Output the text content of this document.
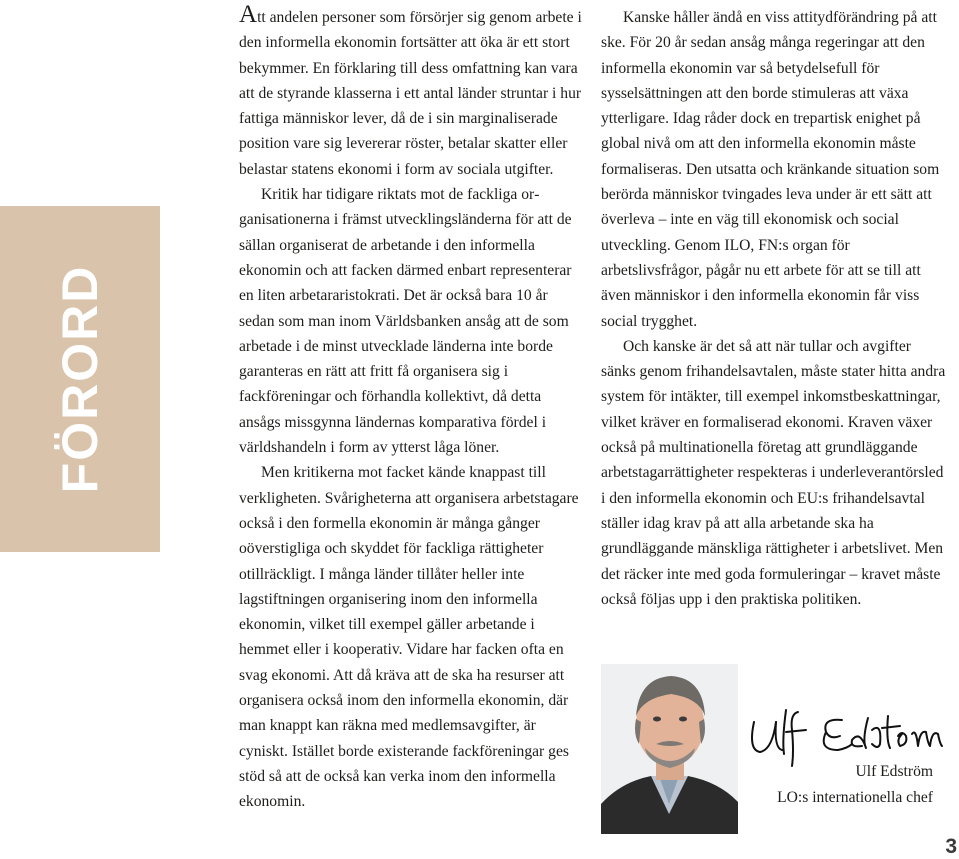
FÖRORD

Att andelen personer som försörjer sig genom arbete i den informella ekonomin fortsätter att öka är ett stort bekymmer. En förklaring till dess omfattning kan vara att de styrande klasserna i ett antal länder struntar i hur fattiga människor lever, då de i sin marginaliserade position vare sig levererar röster, betalar skatter eller belastar statens ekonomi i form av sociala utgifter.

Kritik har tidigare riktats mot de fackliga organisationerna i främst utvecklingsländerna för att de sällan organiserat de arbetande i den informella ekonomin och att facken därmed enbart representerar en liten arbetararistokrati. Det är också bara 10 år sedan som man inom Världsbanken ansåg att de som arbetade i de minst utvecklade länderna inte borde garanteras en rätt att fritt få organisera sig i fackföreningar och förhandla kollektivt, då detta ansågs missgynna ländernas komparativa fördel i världshandeln i form av ytterst låga löner.

Men kritikerna mot facket kände knappast till verkligheten. Svårigheterna att organisera arbetstagare också i den formella ekonomin är många gånger oöverstigliga och skyddet för fackliga rättigheter otillräckligt. I många länder tillåter heller inte lagstiftningen organisering inom den informella ekonomin, vilket till exempel gäller arbetande i hemmet eller i kooperativ. Vidare har facken ofta en svag ekonomi. Att då kräva att de ska ha resurser att organisera också inom den informella ekonomin, där man knappt kan räkna med medlemsavgifter, är cyniskt. Istället borde existerande fackföreningar ges stöd så att de också kan verka inom den informella ekonomin.

Kanske håller ändå en viss attitydförändring på att ske. För 20 år sedan ansåg många regeringar att den informella ekonomin var så betydelsefull för sysselsättningen att den borde stimuleras att växa ytterligare. Idag råder dock en trepartisk enighet på global nivå om att den informella ekonomin måste formaliseras. Den utsatta och kränkande situation som berörda människor tvingades leva under är ett sätt att överleva – inte en väg till ekonomisk och social utveckling. Genom ILO, FN:s organ för arbetslivsfrågor, pågår nu ett arbete för att se till att även människor i den informella ekonomin får viss social trygghet.

Och kanske är det så att när tullar och avgifter sänks genom frihandelsavtalen, måste stater hitta andra system för intäkter, till exempel inkomstbeskattningar, vilket kräver en formaliserad ekonomi. Kraven växer också på multinationella företag att grundläggande arbetstagarrättigheter respekteras i underleverantörsled i den informella ekonomin och EU:s frihandelsavtal ställer idag krav på att alla arbetande ska ha grundläggande mänskliga rättigheter i arbetslivet. Men det räcker inte med goda formuleringar – kravet måste också följas upp i den praktiska politiken.

Ulf Edström
LO:s internationella chef
3
